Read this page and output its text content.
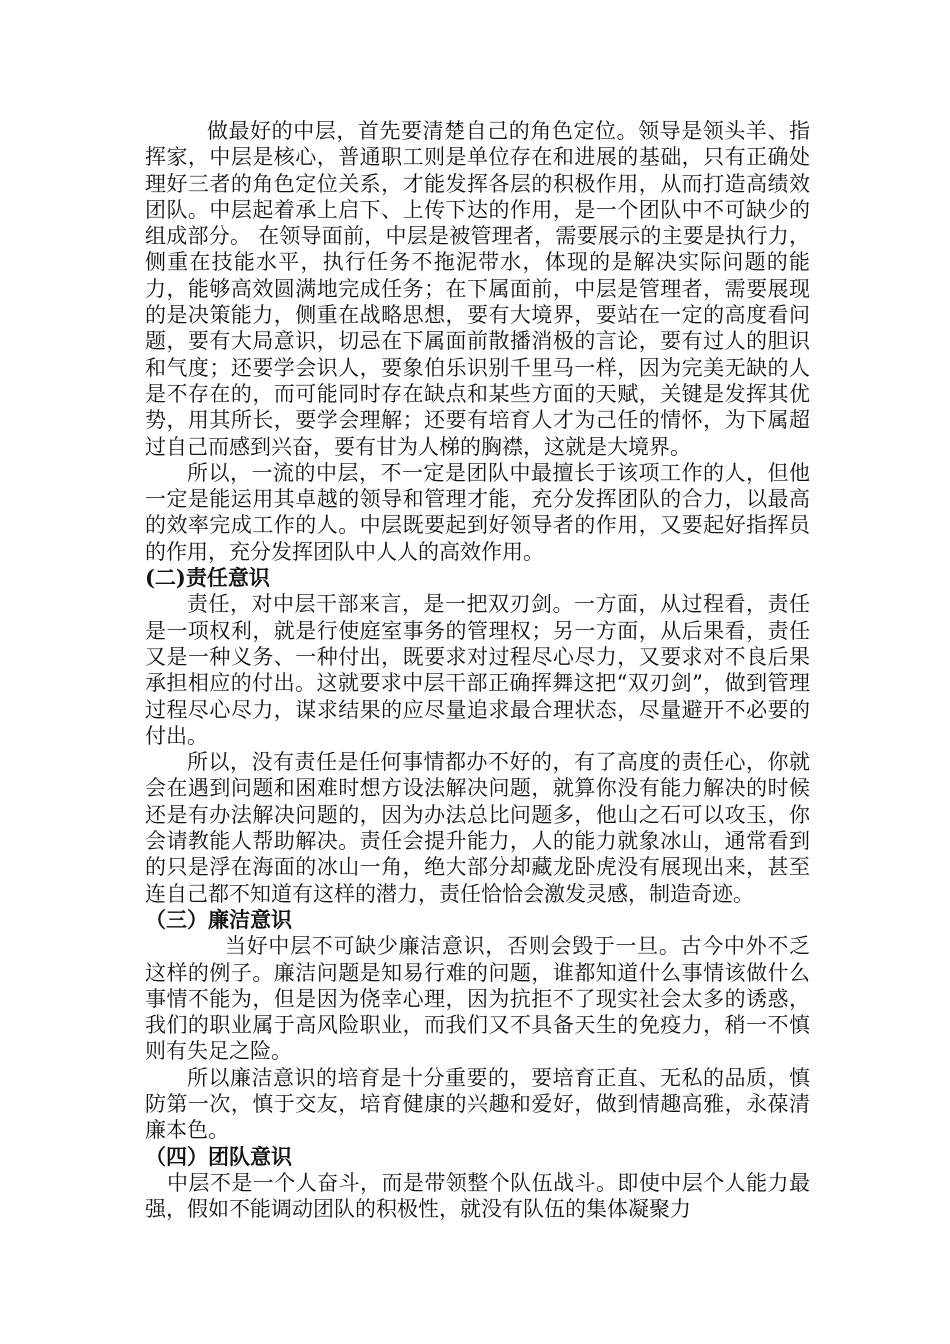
做最好的中层，首先要清楚自己的角色定位。领导是领头羊、指挥家，中层是核心，普通职工则是单位存在和进展的基础，只有正确处理好三者的角色定位关系，才能发挥各层的积极作用，从而打造高绩效团队。中层起着承上启下、上传下达的作用，是一个团队中不可缺少的组成部分。 在领导面前，中层是被管理者，需要展示的主要是执行力，侧重在技能水平，执行任务不拖泥带水，体现的是解决实际问题的能力，能够高效圆满地完成任务；在下属面前，中层是管理者，需要展现的是决策能力，侧重在战略思想，要有大境界，要站在一定的高度看问题，要有大局意识，切忌在下属面前散播消极的言论，要有过人的胆识和气度；还要学会识人，要象伯乐识别千里马一样，因为完美无缺的人是不存在的，而可能同时存在缺点和某些方面的天赋，关键是发挥其优势，用其所长，要学会理解；还要有培育人才为己任的情怀，为下属超过自己而感到兴奋，要有甘为人梯的胸襟，这就是大境界。

所以，一流的中层，不一定是团队中最擅长于该项工作的人，但他一定是能运用其卓越的领导和管理才能，充分发挥团队的合力，以最高的效率完成工作的人。中层既要起到好领导者的作用，又要起好指挥员的作用，充分发挥团队中人人的高效作用。

(二)责任意识

责任，对中层干部来言，是一把双刃剑。一方面，从过程看，责任是一项权利，就是行使庭室事务的管理权；另一方面，从后果看，责任又是一种义务、一种付出，既要求对过程尽心尽力，又要求对不良后果承担相应的付出。这就要求中层干部正确挥舞这把“双刃剑”，做到管理过程尽心尽力，谋求结果的应尽量追求最合理状态，尽量避开不必要的付出。

所以，没有责任是任何事情都办不好的，有了高度的责任心，你就会在遇到问题和困难时想方设法解决问题，就算你没有能力解决的时候还是有办法解决问题的，因为办法总比问题多，他山之石可以攻玉，你会请教能人帮助解决。责任会提升能力，人的能力就象冰山，通常看到的只是浮在海面的冰山一角，绝大部分却藏龙卧虎没有展现出来，甚至连自己都不知道有这样的潜力，责任恰恰会激发灵感，制造奇迹。

（三）廉洁意识

当好中层不可缺少廉洁意识，否则会毁于一旦。古今中外不乏这样的例子。廉洁问题是知易行难的问题，谁都知道什么事情该做什么事情不能为，但是因为侥幸心理，因为抗拒不了现实社会太多的诱惑，我们的职业属于高风险职业，而我们又不具备天生的免疫力，稍一不慎则有失足之险。

所以廉洁意识的培育是十分重要的，要培育正直、无私的品质，慎防第一次，慎于交友，培育健康的兴趣和爱好，做到情趣高雅，永葆清廉本色。

（四）团队意识

中层不是一个人奋斗，而是带领整个队伍战斗。即使中层个人能力最强，假如不能调动团队的积极性，就没有队伍的集体凝聚力
